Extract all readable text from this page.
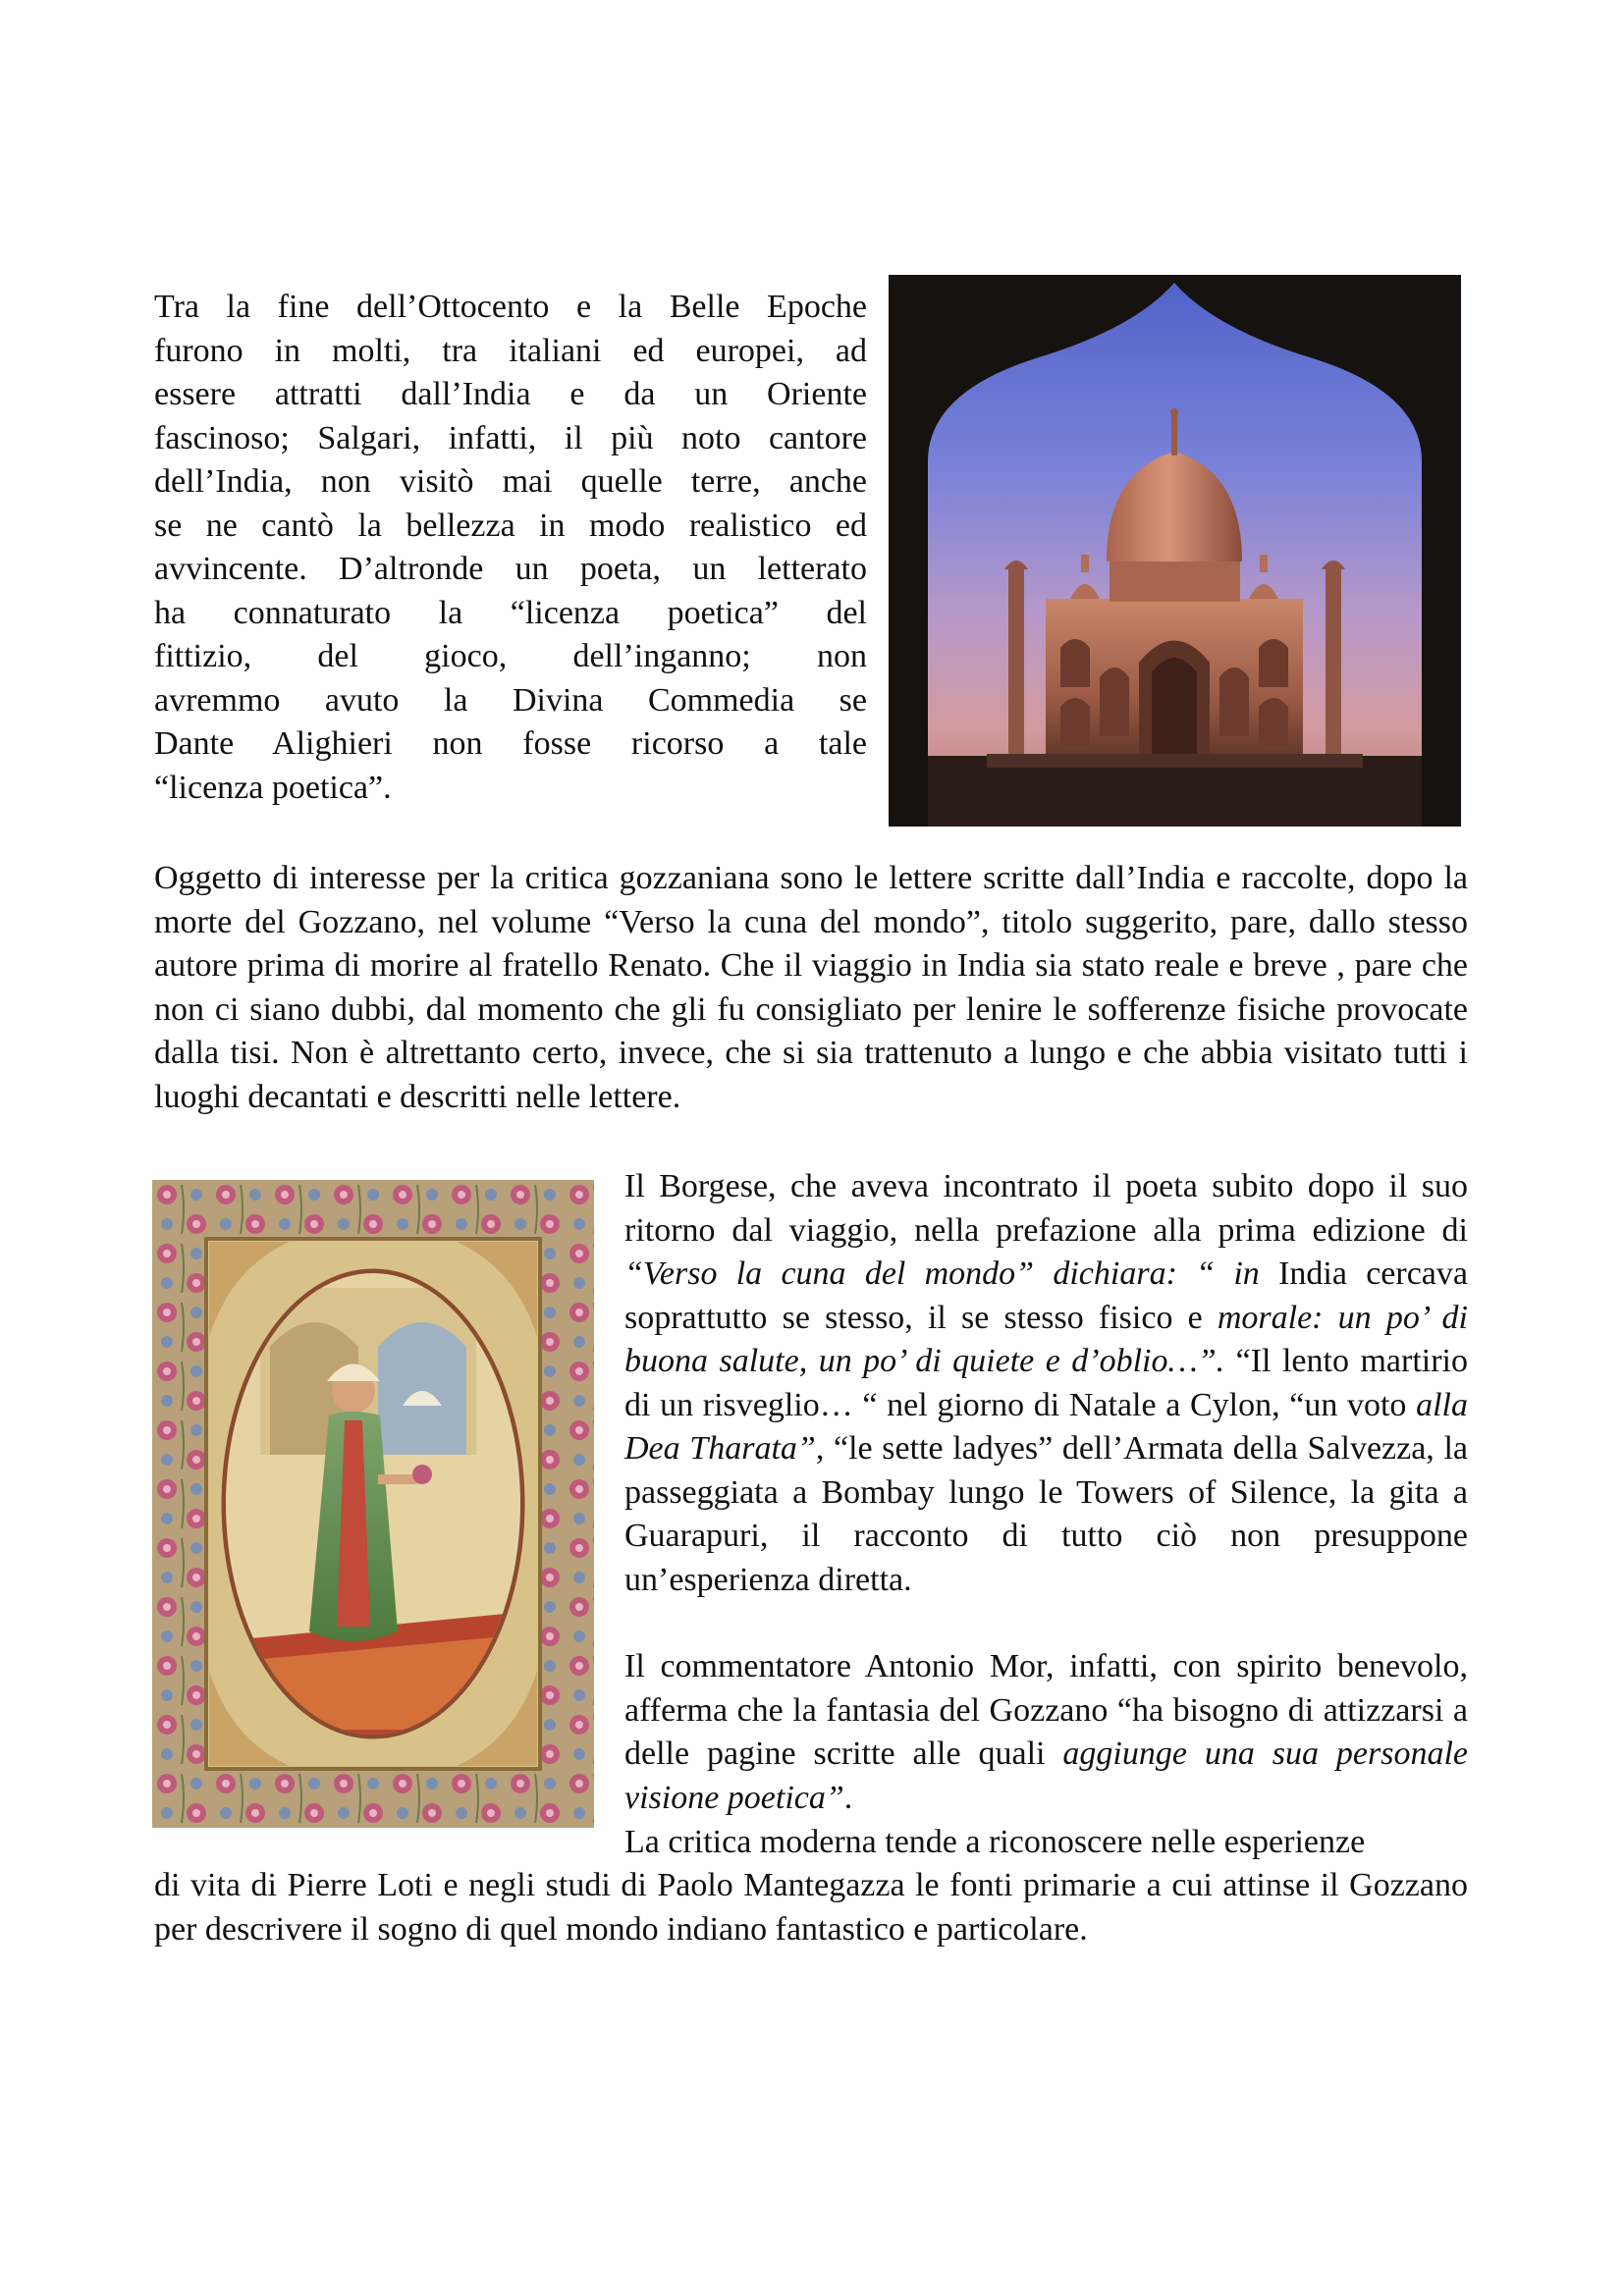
Tra la fine dell’Ottocento e la Belle Epoche
furono in molti, tra italiani ed europei, ad
essere attratti dall’India e da un Oriente
fascinoso; Salgari, infatti, il più noto cantore
dell’India, non visitò mai quelle terre, anche
se ne cantò la bellezza in modo realistico ed
avvincente. D’altronde un poeta, un letterato
ha connaturato la “licenza poetica” del
fittizio, del gioco, dell’inganno; non
avremmo avuto la Divina Commedia se
Dante Alighieri non fosse ricorso a tale
“licenza poetica”.

Oggetto di interesse per la critica gozzaniana sono le lettere scritte dall’India e raccolte, dopo la morte del Gozzano, nel volume “Verso la cuna del mondo”, titolo suggerito, pare, dallo stesso autore prima di morire al fratello Renato. Che il viaggio in India sia stato reale e breve , pare che non ci siano dubbi, dal momento che gli fu consigliato per lenire le sofferenze fisiche provocate dalla tisi. Non è altrettanto certo, invece, che si sia trattenuto a lungo e che abbia visitato tutti i luoghi decantati e descritti nelle lettere.

Il Borgese, che aveva incontrato il poeta subito dopo il suo ritorno dal viaggio, nella prefazione alla prima edizione di “Verso la cuna del mondo” dichiara: “ in India cercava soprattutto se stesso, il se stesso fisico e morale: un po’ di buona salute, un po’ di quiete e d’oblio…”. “Il lento martirio di un risveglio… “ nel giorno di Natale a Cylon, “un voto alla Dea Tharata”, “le sette ladyes” dell’Armata della Salvezza, la passeggiata a Bombay lungo le Towers of Silence, la gita a Guarapuri, il racconto di tutto ciò non presuppone un’esperienza diretta.

Il commentatore Antonio Mor, infatti, con spirito benevolo, afferma che la fantasia del Gozzano “ha bisogno di attizzarsi a delle pagine scritte alle quali aggiunge una sua personale visione poetica”.

La critica moderna tende a riconoscere nelle esperienze

di vita di Pierre Loti e negli studi di Paolo Mantegazza le fonti primarie a cui attinse il Gozzano per descrivere il sogno di quel mondo indiano fantastico e particolare.
